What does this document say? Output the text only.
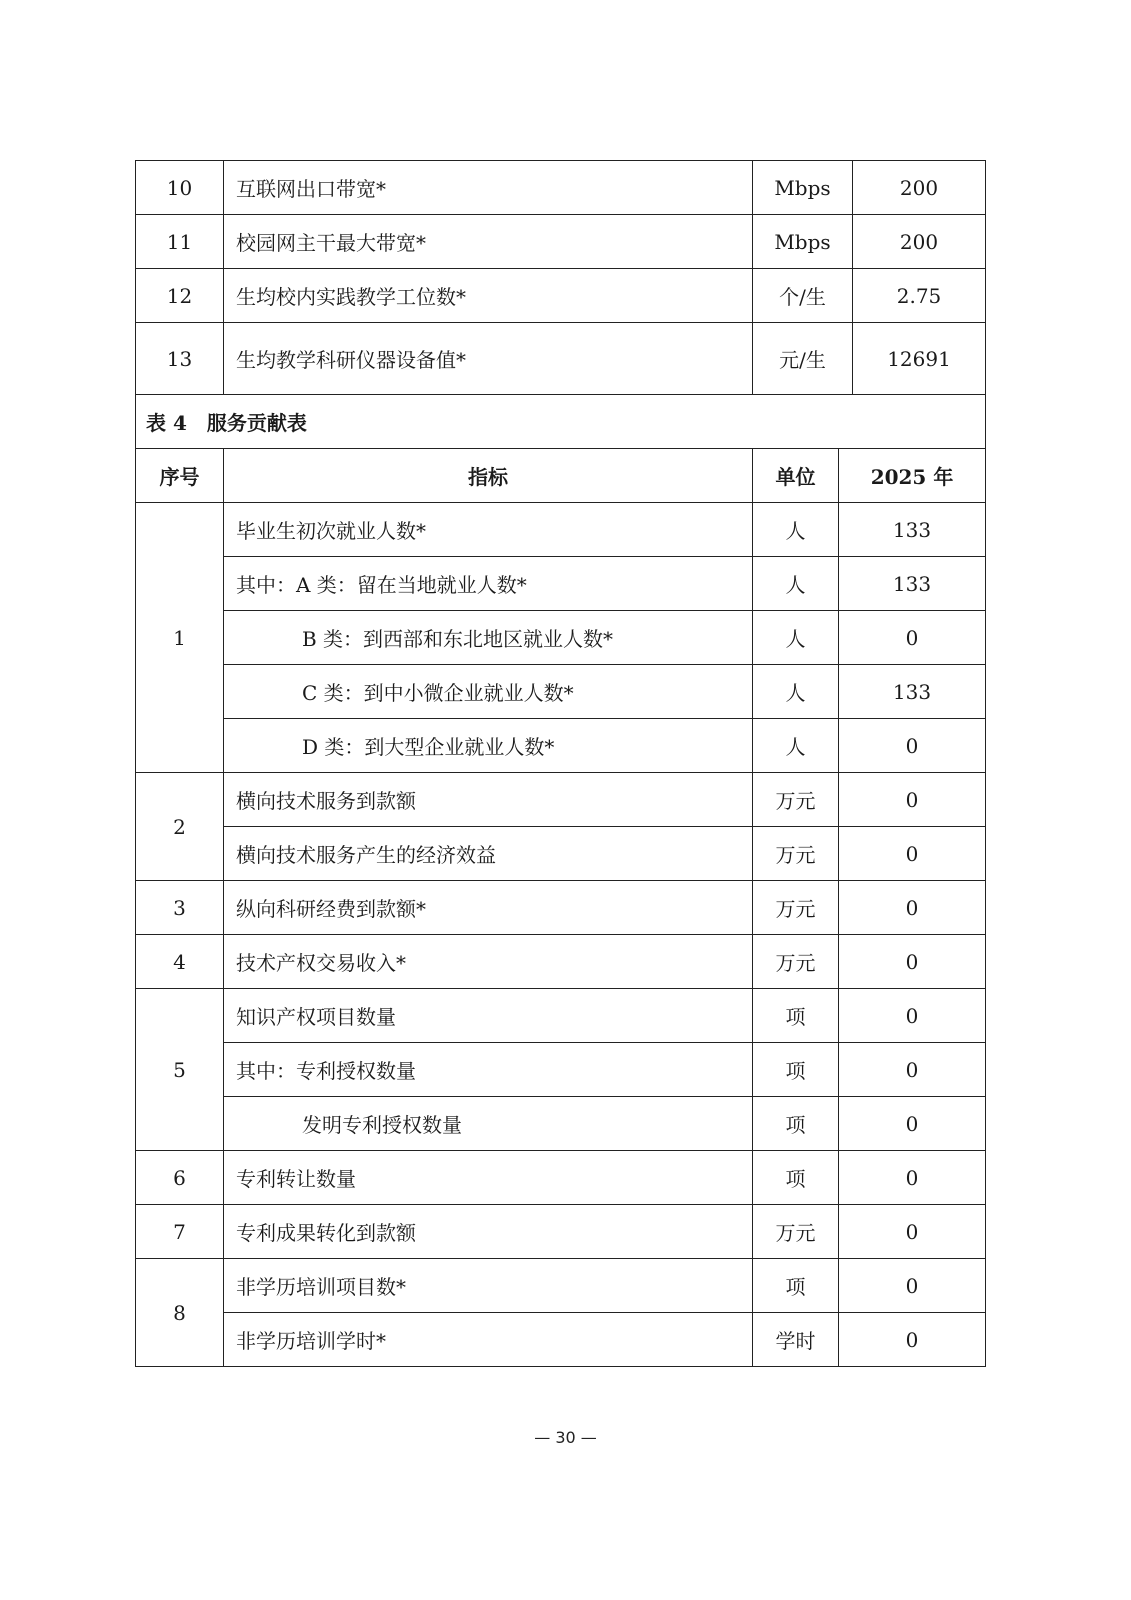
10	互联网出口带宽*	Mbps	200
11	校园网主干最大带宽*	Mbps	200
12	生均校内实践教学工位数*	个/生	2.75
13	生均教学科研仪器设备值*	元/生	12691
表 4　服务贡献表			
序号	指标	单位	2025 年
1	毕业生初次就业人数*	人	133
	其中：A 类：留在当地就业人数*	人	133
	B 类：到西部和东北地区就业人数*	人	0
	C 类：到中小微企业就业人数*	人	133
	D 类：到大型企业就业人数*	人	0
2	横向技术服务到款额	万元	0
	横向技术服务产生的经济效益	万元	0
3	纵向科研经费到款额*	万元	0
4	技术产权交易收入*	万元	0
5	知识产权项目数量	项	0
	其中：专利授权数量	项	0
	发明专利授权数量	项	0
6	专利转让数量	项	0
7	专利成果转化到款额	万元	0
8	非学历培训项目数*	项	0
	非学历培训学时*	学时	0
— 30 —
